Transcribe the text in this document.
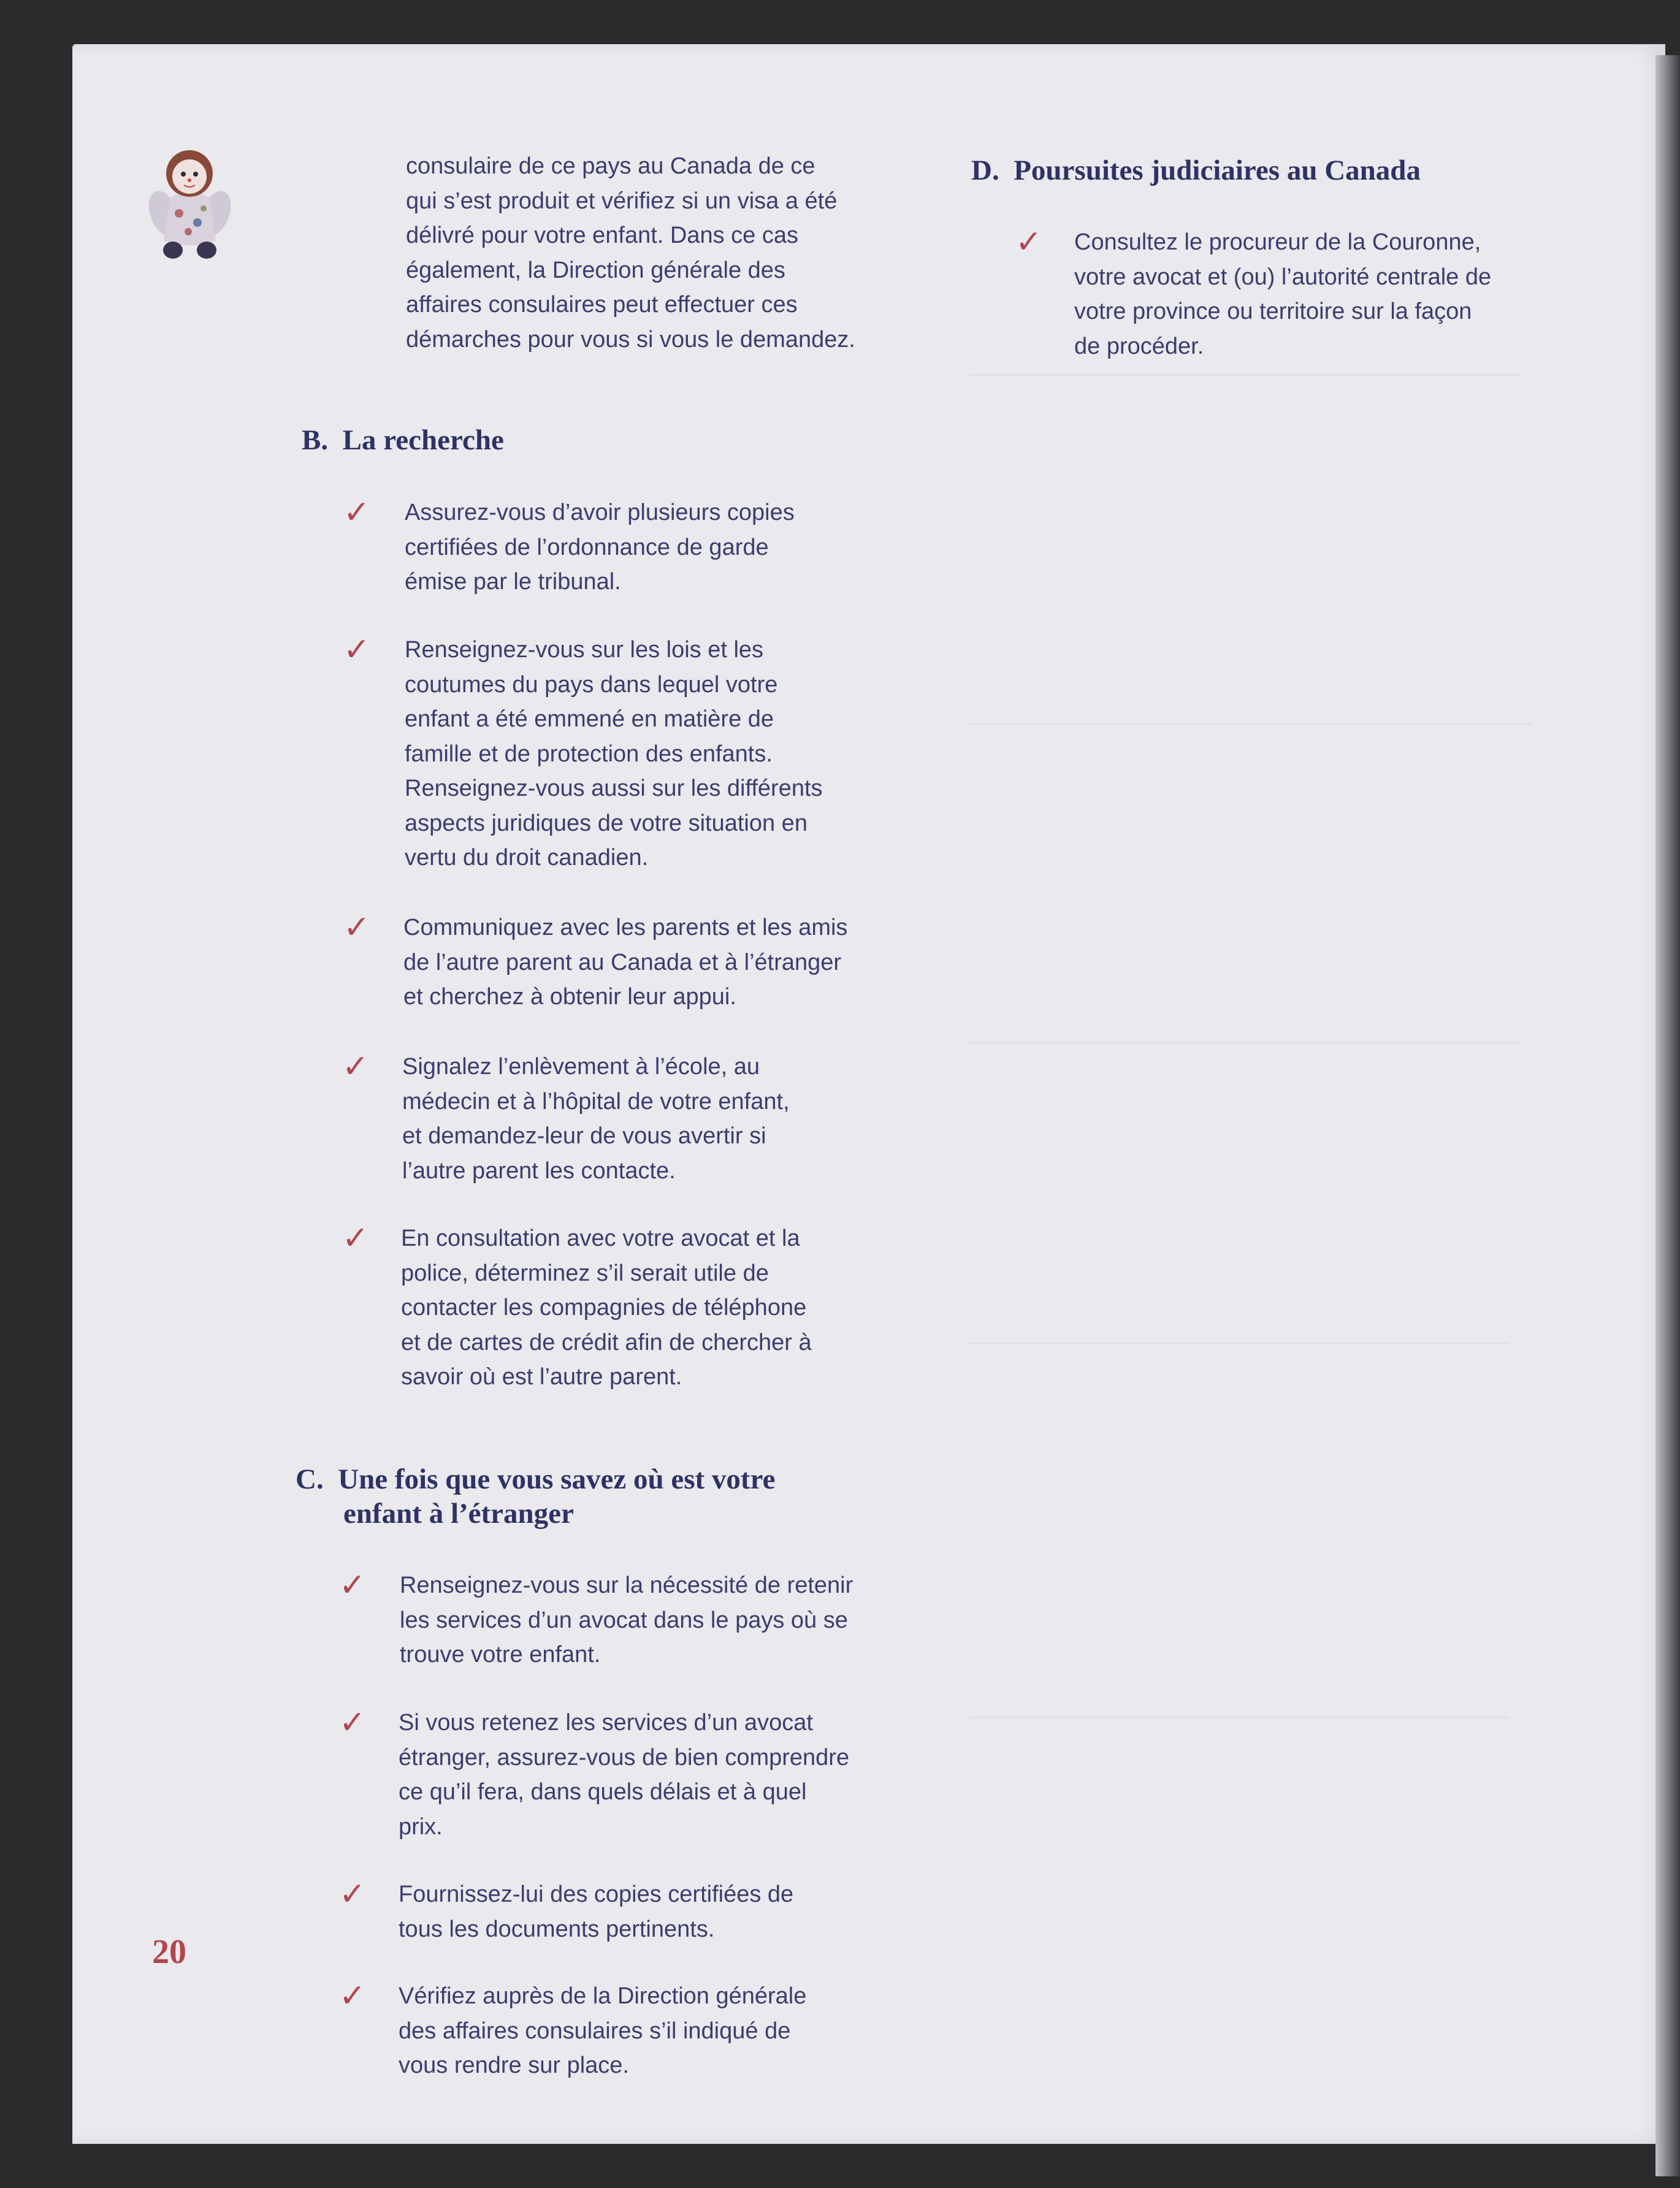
consulaire de ce pays au Canada de ce
qui s’est produit et vérifiez si un visa a été
délivré pour votre enfant. Dans ce cas
également, la Direction générale des
affaires consulaires peut effectuer ces
démarches pour vous si vous le demandez.

B. La recherche
✓ Assurez-vous d’avoir plusieurs copies
certifiées de l’ordonnance de garde
émise par le tribunal.

✓ Renseignez-vous sur les lois et les
coutumes du pays dans lequel votre
enfant a été emmené en matière de
famille et de protection des enfants.
Renseignez-vous aussi sur les différents
aspects juridiques de votre situation en
vertu du droit canadien.

✓ Communiquez avec les parents et les amis
de l’autre parent au Canada et à l’étranger
et cherchez à obtenir leur appui.

✓ Signalez l’enlèvement à l’école, au
médecin et à l’hôpital de votre enfant,
et demandez-leur de vous avertir si
l’autre parent les contacte.

✓ En consultation avec votre avocat et la
police, déterminez s’il serait utile de
contacter les compagnies de téléphone
et de cartes de crédit afin de chercher à
savoir où est l’autre parent.

C. Une fois que vous savez où est votre
enfant à l’étranger
✓ Renseignez-vous sur la nécessité de retenir
les services d’un avocat dans le pays où se
trouve votre enfant.

✓ Si vous retenez les services d’un avocat
étranger, assurez-vous de bien comprendre
ce qu’il fera, dans quels délais et à quel
prix.

✓ Fournissez-lui des copies certifiées de
tous les documents pertinents.

✓ Vérifiez auprès de la Direction générale
des affaires consulaires s’il indiqué de
vous rendre sur place.

D. Poursuites judiciaires au Canada
✓ Consultez le procureur de la Couronne,
votre avocat et (ou) l’autorité centrale de
votre province ou territoire sur la façon
de procéder.

20
